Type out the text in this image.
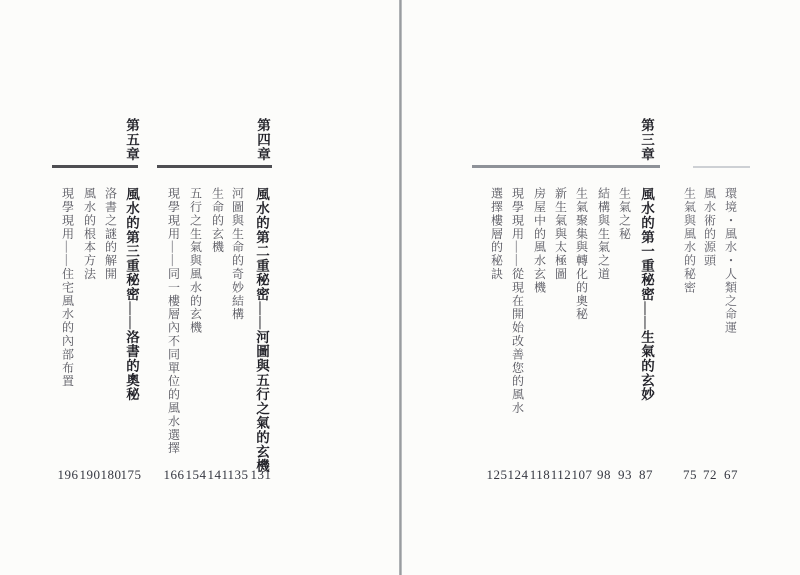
環境・風水・人類之命運
67
風水術的源頭
72
生氣與風水的秘密
75
第三章
風水的第一重秘密——生氣的玄妙
87
生氣之秘
93
結構與生氣之道
98
生氣聚集與轉化的奧秘
107
新生氣與太極圖
112
房屋中的風水玄機
118
現學現用——從現在開始改善您的風水
124
選擇樓層的秘訣
125
第四章
風水的第二重秘密——河圖與五行之氣的玄機
131
河圖與生命的奇妙結構
135
生命的玄機
141
五行之生氣與風水的玄機
154
現學現用——同一樓層內不同單位的風水選擇
166
第五章
風水的第三重秘密——洛書的奧秘
175
洛書之謎的解開
180
風水的根本方法
190
現學現用——住宅風水的內部布置
196
